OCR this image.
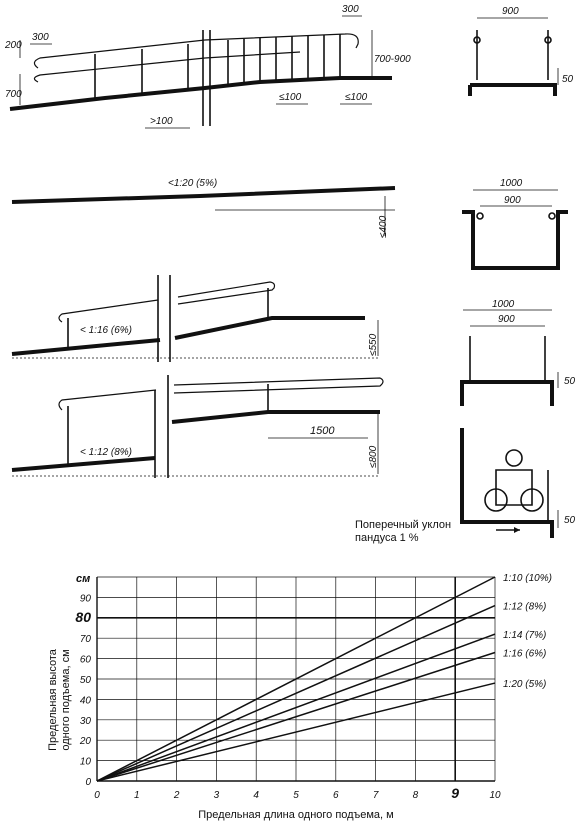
200
300
700
300
700-900
>100
≤100	≤100
900
50
<1:20 (5%)
≤400
1000
900
< 1:16 (6%)
≤550
1000
900
50
< 1:12 (8%)
1500
≤800
50
Поперечный уклон
пандуса 1 %
0	1	2	3	4	5	6	7	8 9	10
0
10
20
30
40
50
60
70
80
90
1:10 (10%)
1:12 (8%)
1:14 (7%)
1:16 (6%)
1:20 (5%)
см
Предельная высота одного подъема, см
Предельная длина одного подъема, м
